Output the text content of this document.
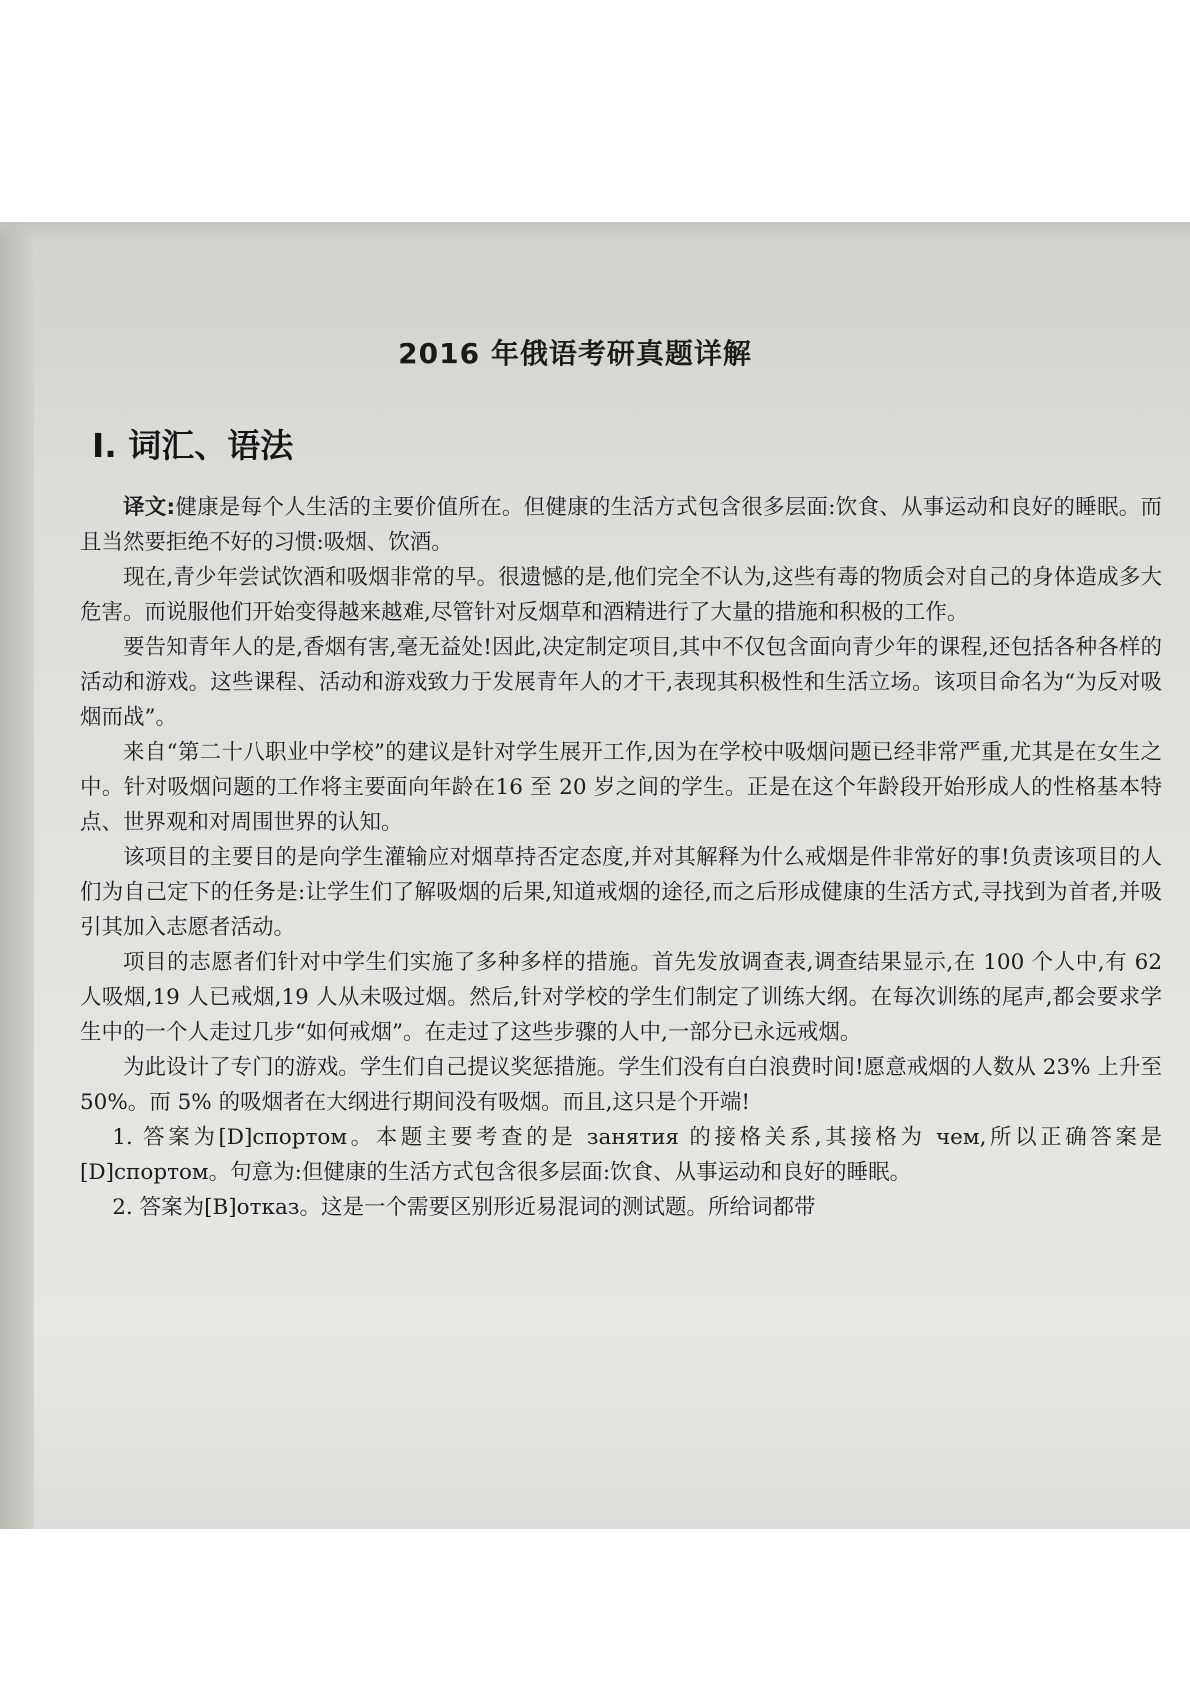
2016 年俄语考研真题详解
Ⅰ. 词汇、语法

译文:健康是每个人生活的主要价值所在。但健康的生活方式包含很多层面:饮食、从事运动和良好的睡眠。而且当然要拒绝不好的习惯:吸烟、饮酒。

现在,青少年尝试饮酒和吸烟非常的早。很遗憾的是,他们完全不认为,这些有毒的物质会对自己的身体造成多大危害。而说服他们开始变得越来越难,尽管针对反烟草和酒精进行了大量的措施和积极的工作。

要告知青年人的是,香烟有害,毫无益处!因此,决定制定项目,其中不仅包含面向青少年的课程,还包括各种各样的活动和游戏。这些课程、活动和游戏致力于发展青年人的才干,表现其积极性和生活立场。该项目命名为“为反对吸烟而战”。

来自“第二十八职业中学校”的建议是针对学生展开工作,因为在学校中吸烟问题已经非常严重,尤其是在女生之中。针对吸烟问题的工作将主要面向年龄在16 至 20 岁之间的学生。正是在这个年龄段开始形成人的性格基本特点、世界观和对周围世界的认知。

该项目的主要目的是向学生灌输应对烟草持否定态度,并对其解释为什么戒烟是件非常好的事!负责该项目的人们为自己定下的任务是:让学生们了解吸烟的后果,知道戒烟的途径,而之后形成健康的生活方式,寻找到为首者,并吸引其加入志愿者活动。

项目的志愿者们针对中学生们实施了多种多样的措施。首先发放调查表,调查结果显示,在 100 个人中,有 62 人吸烟,19 人已戒烟,19 人从未吸过烟。然后,针对学校的学生们制定了训练大纲。在每次训练的尾声,都会要求学生中的一个人走过几步“如何戒烟”。在走过了这些步骤的人中,一部分已永远戒烟。

为此设计了专门的游戏。学生们自己提议奖惩措施。学生们没有白白浪费时间!愿意戒烟的人数从 23% 上升至 50%。而 5% 的吸烟者在大纲进行期间没有吸烟。而且,这只是个开端!

1. 答案为[D]спортом。本题主要考查的是 занятия 的接格关系,其接格为 чем,所以正确答案是[D]спортом。句意为:但健康的生活方式包含很多层面:饮食、从事运动和良好的睡眠。

2. 答案为[B]отказ。这是一个需要区别形近易混词的测试题。所给词都带
